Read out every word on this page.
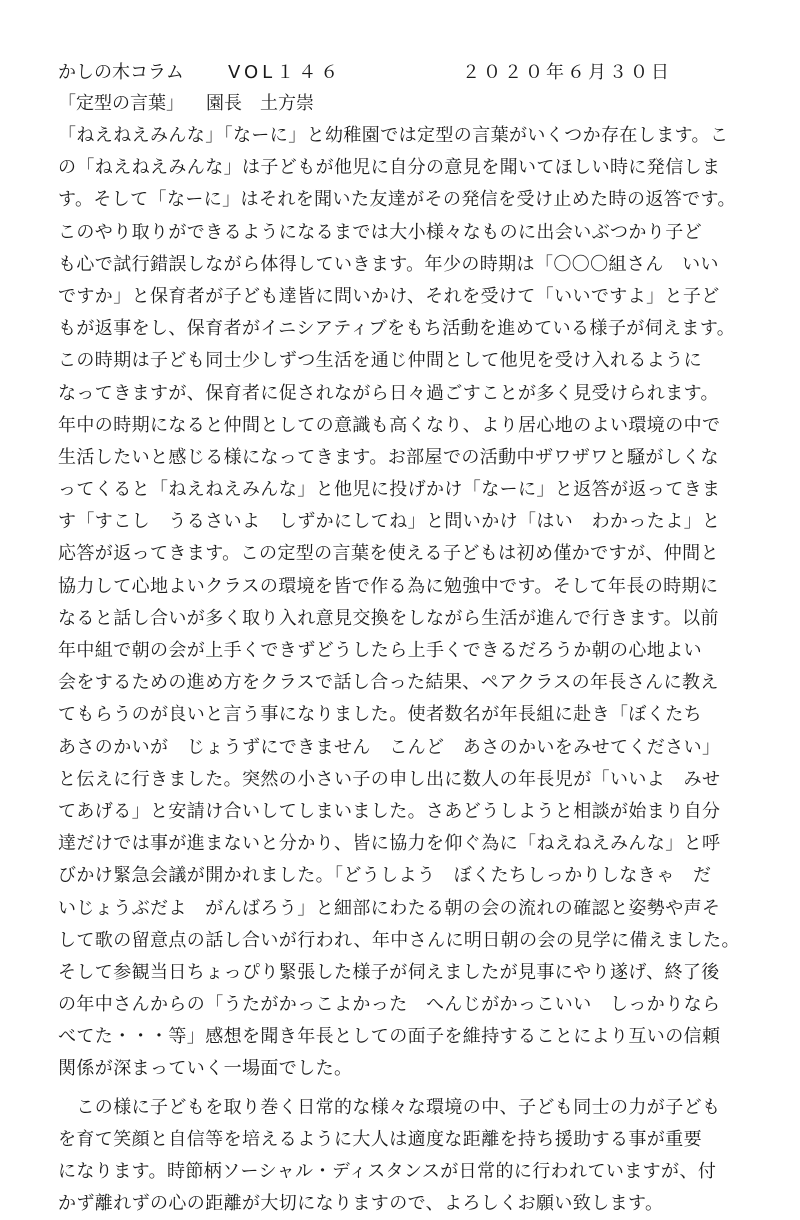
かしの木コラム VOL１４６	２０２０年６月３０日
「定型の言葉」 園長　土方崇
「ねえねえみんな」「なーに」と幼稚園では定型の言葉がいくつか存在します。こ
の「ねえねえみんな」は子どもが他児に自分の意見を聞いてほしい時に発信しま
す。そして「なーに」はそれを聞いた友達がその発信を受け止めた時の返答です。
このやり取りができるようになるまでは大小様々なものに出会いぶつかり子ど
も心で試行錯誤しながら体得していきます。年少の時期は「〇〇〇組さん　いい
ですか」と保育者が子ども達皆に問いかけ、それを受けて「いいですよ」と子ど
もが返事をし、保育者がイニシアティブをもち活動を進めている様子が伺えます。
この時期は子ども同士少しずつ生活を通じ仲間として他児を受け入れるように
なってきますが、保育者に促されながら日々過ごすことが多く見受けられます。
年中の時期になると仲間としての意識も高くなり、より居心地のよい環境の中で
生活したいと感じる様になってきます。お部屋での活動中ザワザワと騒がしくな
ってくると「ねえねえみんな」と他児に投げかけ「なーに」と返答が返ってきま
す「すこし　うるさいよ　しずかにしてね」と問いかけ「はい　わかったよ」と
応答が返ってきます。この定型の言葉を使える子どもは初め僅かですが、仲間と
協力して心地よいクラスの環境を皆で作る為に勉強中です。そして年長の時期に
なると話し合いが多く取り入れ意見交換をしながら生活が進んで行きます。以前
年中組で朝の会が上手くできずどうしたら上手くできるだろうか朝の心地よい
会をするための進め方をクラスで話し合った結果、ペアクラスの年長さんに教え
てもらうのが良いと言う事になりました。使者数名が年長組に赴き「ぼくたち
あさのかいが　じょうずにできません　こんど　あさのかいをみせてください」
と伝えに行きました。突然の小さい子の申し出に数人の年長児が「いいよ　みせ
てあげる」と安請け合いしてしまいました。さあどうしようと相談が始まり自分
達だけでは事が進まないと分かり、皆に協力を仰ぐ為に「ねえねえみんな」と呼
びかけ緊急会議が開かれました。「どうしよう　ぼくたちしっかりしなきゃ　だ
いじょうぶだよ　がんばろう」と細部にわたる朝の会の流れの確認と姿勢や声そ
して歌の留意点の話し合いが行われ、年中さんに明日朝の会の見学に備えました。
そして参観当日ちょっぴり緊張した様子が伺えましたが見事にやり遂げ、終了後
の年中さんからの「うたがかっこよかった　へんじがかっこいい　しっかりなら
べてた・・・等」感想を聞き年長としての面子を維持することにより互いの信頼
関係が深まっていく一場面でした。
　この様に子どもを取り巻く日常的な様々な環境の中、子ども同士の力が子ども
を育て笑顔と自信等を培えるように大人は適度な距離を持ち援助する事が重要
になります。時節柄ソーシャル・ディスタンスが日常的に行われていますが、付
かず離れずの心の距離が大切になりますので、よろしくお願い致します。
